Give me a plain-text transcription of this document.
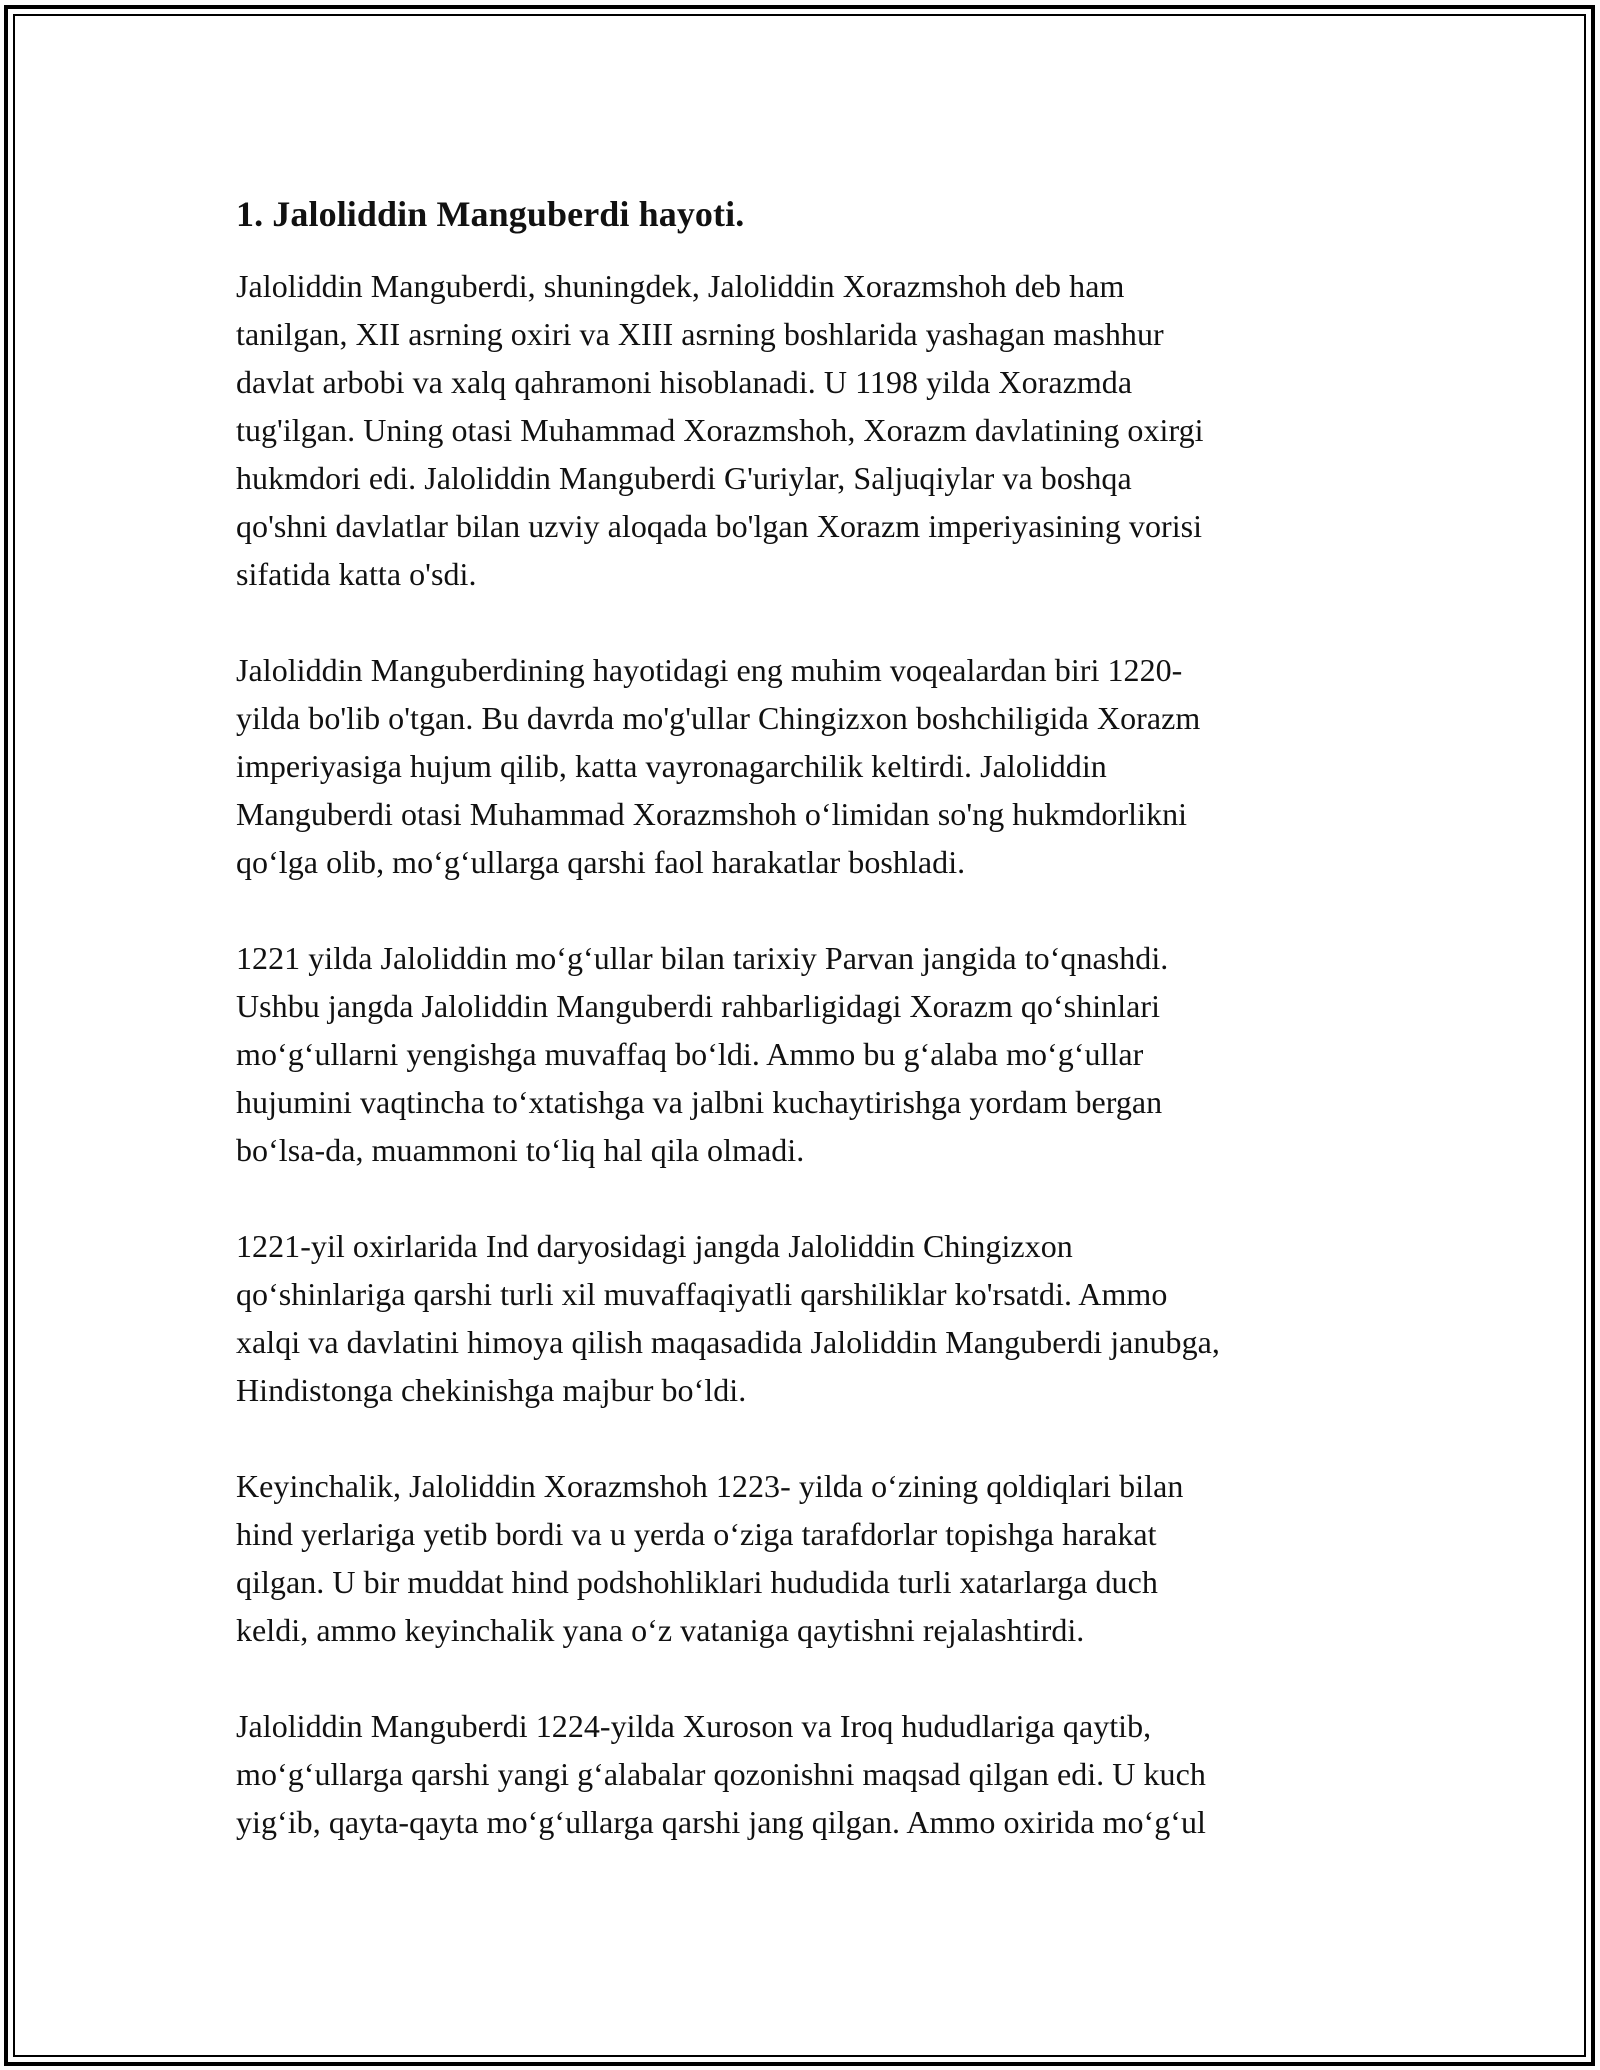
1. Jaloliddin Manguberdi hayoti.

Jaloliddin Manguberdi, shuningdek, Jaloliddin Xorazmshoh deb ham
tanilgan, XII asrning oxiri va XIII asrning boshlarida yashagan mashhur
davlat arbobi va xalq qahramoni hisoblanadi. U 1198 yilda Xorazmda
tug'ilgan. Uning otasi Muhammad Xorazmshoh, Xorazm davlatining oxirgi
hukmdori edi. Jaloliddin Manguberdi G'uriylar, Saljuqiylar va boshqa
qo'shni davlatlar bilan uzviy aloqada bo'lgan Xorazm imperiyasining vorisi
sifatida katta o'sdi.

Jaloliddin Manguberdining hayotidagi eng muhim voqealardan biri 1220-
yilda bo'lib o'tgan. Bu davrda mo'g'ullar Chingizxon boshchiligida Xorazm
imperiyasiga hujum qilib, katta vayronagarchilik keltirdi. Jaloliddin
Manguberdi otasi Muhammad Xorazmshoh o‘limidan so'ng hukmdorlikni
qo‘lga olib, mo‘g‘ullarga qarshi faol harakatlar boshladi.

1221 yilda Jaloliddin mo‘g‘ullar bilan tarixiy Parvan jangida to‘qnashdi.
Ushbu jangda Jaloliddin Manguberdi rahbarligidagi Xorazm qo‘shinlari
mo‘g‘ullarni yengishga muvaffaq bo‘ldi. Ammo bu g‘alaba mo‘g‘ullar
hujumini vaqtincha to‘xtatishga va jalbni kuchaytirishga yordam bergan
bo‘lsa-da, muammoni to‘liq hal qila olmadi.

1221-yil oxirlarida Ind daryosidagi jangda Jaloliddin Chingizxon
qo‘shinlariga qarshi turli xil muvaffaqiyatli qarshiliklar ko'rsatdi. Ammo
xalqi va davlatini himoya qilish maqasadida Jaloliddin Manguberdi janubga,
Hindistonga chekinishga majbur bo‘ldi.

Keyinchalik, Jaloliddin Xorazmshoh 1223- yilda o‘zining qoldiqlari bilan
hind yerlariga yetib bordi va u yerda o‘ziga tarafdorlar topishga harakat
qilgan. U bir muddat hind podshohliklari hududida turli xatarlarga duch
keldi, ammo keyinchalik yana o‘z vataniga qaytishni rejalashtirdi.

Jaloliddin Manguberdi 1224-yilda Xuroson va Iroq hududlariga qaytib,
mo‘g‘ullarga qarshi yangi g‘alabalar qozonishni maqsad qilgan edi. U kuch
yig‘ib, qayta-qayta mo‘g‘ullarga qarshi jang qilgan. Ammo oxirida mo‘g‘ul
